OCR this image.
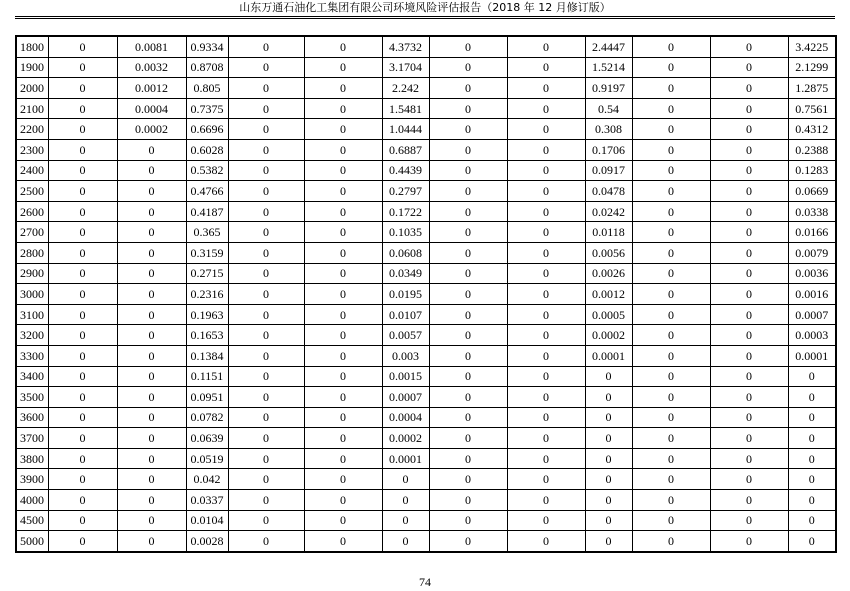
山东万通石油化工集团有限公司环境风险评估报告（2018 年 12 月修订版）
1800	0	0.0081	0.9334	0	0	4.3732	0	0	2.4447	0	0	3.4225
1900	0	0.0032	0.8708	0	0	3.1704	0	0	1.5214	0	0	2.1299
2000	0	0.0012	0.805	0	0	2.242	0	0	0.9197	0	0	1.2875
2100	0	0.0004	0.7375	0	0	1.5481	0	0	0.54	0	0	0.7561
2200	0	0.0002	0.6696	0	0	1.0444	0	0	0.308	0	0	0.4312
2300	0	0	0.6028	0	0	0.6887	0	0	0.1706	0	0	0.2388
2400	0	0	0.5382	0	0	0.4439	0	0	0.0917	0	0	0.1283
2500	0	0	0.4766	0	0	0.2797	0	0	0.0478	0	0	0.0669
2600	0	0	0.4187	0	0	0.1722	0	0	0.0242	0	0	0.0338
2700	0	0	0.365	0	0	0.1035	0	0	0.0118	0	0	0.0166
2800	0	0	0.3159	0	0	0.0608	0	0	0.0056	0	0	0.0079
2900	0	0	0.2715	0	0	0.0349	0	0	0.0026	0	0	0.0036
3000	0	0	0.2316	0	0	0.0195	0	0	0.0012	0	0	0.0016
3100	0	0	0.1963	0	0	0.0107	0	0	0.0005	0	0	0.0007
3200	0	0	0.1653	0	0	0.0057	0	0	0.0002	0	0	0.0003
3300	0	0	0.1384	0	0	0.003	0	0	0.0001	0	0	0.0001
3400	0	0	0.1151	0	0	0.0015	0	0	0	0	0	0
3500	0	0	0.0951	0	0	0.0007	0	0	0	0	0	0
3600	0	0	0.0782	0	0	0.0004	0	0	0	0	0	0
3700	0	0	0.0639	0	0	0.0002	0	0	0	0	0	0
3800	0	0	0.0519	0	0	0.0001	0	0	0	0	0	0
3900	0	0	0.042	0	0	0	0	0	0	0	0	0
4000	0	0	0.0337	0	0	0	0	0	0	0	0	0
4500	0	0	0.0104	0	0	0	0	0	0	0	0	0
5000	0	0	0.0028	0	0	0	0	0	0	0	0	0
74
